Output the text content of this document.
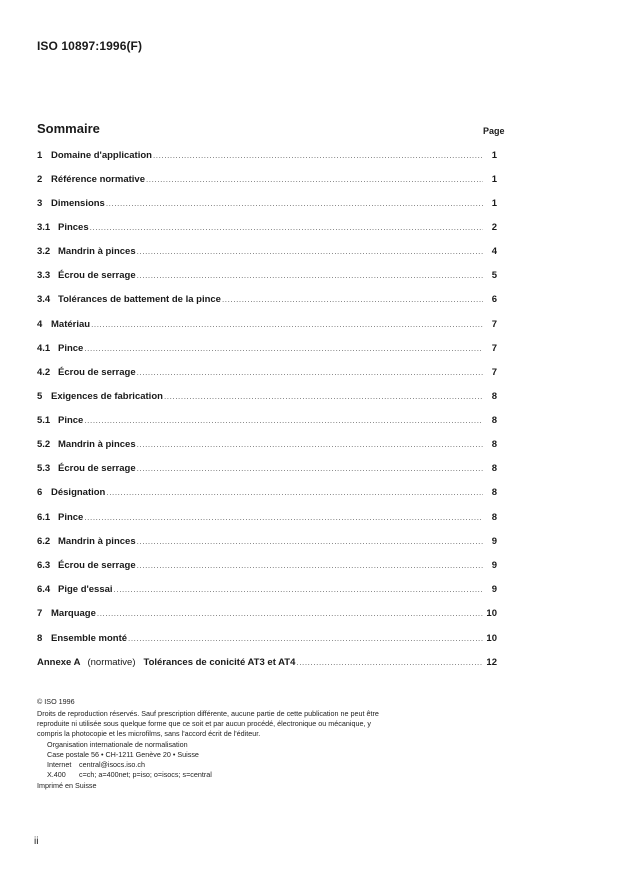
ISO 10897:1996(F)
Sommaire	Page
1 Domaine d'application .....	1
2 Référence normative .....	1
3 Dimensions .....	1
3.1 Pinces .....	2
3.2 Mandrin à pinces .....	4
3.3 Écrou de serrage .....	5
3.4 Tolérances de battement de la pince .....	6
4 Matériau .....	7
4.1 Pince .....	7
4.2 Écrou de serrage .....	7
5 Exigences de fabrication .....	8
5.1 Pince .....	8
5.2 Mandrin à pinces .....	8
5.3 Écrou de serrage .....	8
6 Désignation .....	8
6.1 Pince .....	8
6.2 Mandrin à pinces .....	9
6.3 Écrou de serrage .....	9
6.4 Pige d'essai .....	9
7 Marquage .....	10
8 Ensemble monté .....	10
Annexe A (normative) Tolérances de conicité AT3 et AT4 .....	12
© ISO 1996
Droits de reproduction réservés. Sauf prescription différente, aucune partie de cette publication ne peut être reproduite ni utilisée sous quelque forme que ce soit et par aucun procédé, électronique ou mécanique, y compris la photocopie et les microfilms, sans l'accord écrit de l'éditeur.
Organisation internationale de normalisation
Case postale 56 • CH-1211 Genève 20 • Suisse
Internet	central@isocs.iso.ch
X.400	c=ch; a=400net; p=iso; o=isocs; s=central
Imprimé en Suisse
ii
